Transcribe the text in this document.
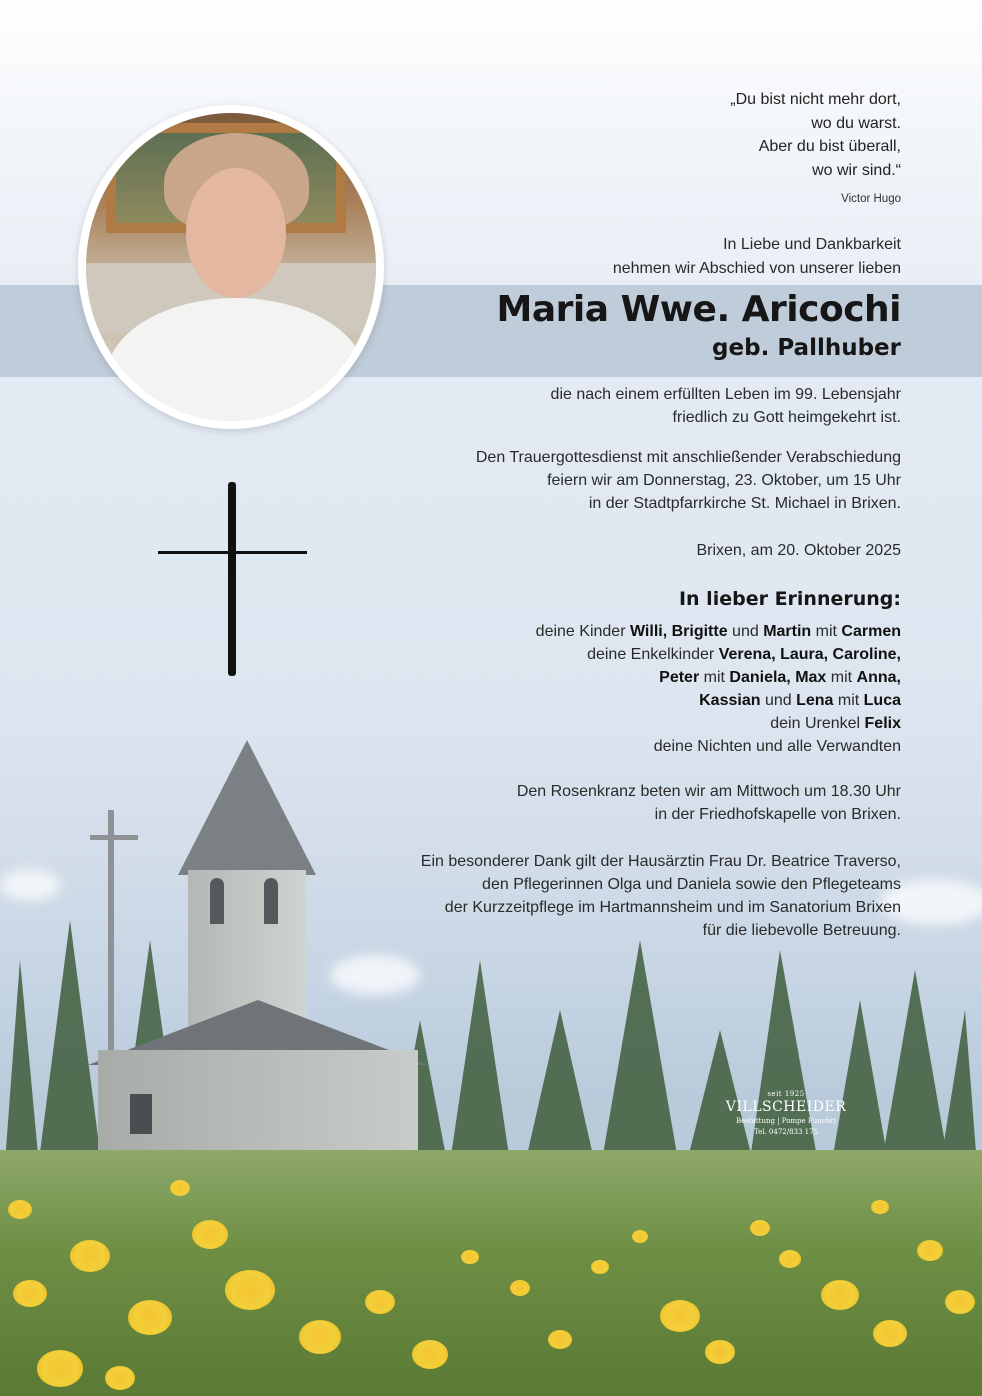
„Du bist nicht mehr dort,
wo du warst.
Aber du bist überall,
wo wir sind.“
Victor Hugo
In Liebe und Dankbarkeit
nehmen wir Abschied von unserer lieben
Maria Wwe. Aricochi
geb. Pallhuber
die nach einem erfüllten Leben im 99. Lebensjahr
friedlich zu Gott heimgekehrt ist.
Den Trauergottesdienst mit anschließender Verabschiedung
feiern wir am Donnerstag, 23. Oktober, um 15 Uhr
in der Stadtpfarrkirche St. Michael in Brixen.
Brixen, am 20. Oktober 2025
In lieber Erinnerung:
deine Kinder Willi, Brigitte und Martin mit Carmen
deine Enkelkinder Verena, Laura, Caroline,
Peter mit Daniela, Max mit Anna,
Kassian und Lena mit Luca
dein Urenkel Felix
deine Nichten und alle Verwandten
Den Rosenkranz beten wir am Mittwoch um 18.30 Uhr
in der Friedhofskapelle von Brixen.
Ein besonderer Dank gilt der Hausärztin Frau Dr. Beatrice Traverso,
den Pflegerinnen Olga und Daniela sowie den Pflegeteams
der Kurzzeitpflege im Hartmannsheim und im Sanatorium Brixen
für die liebevolle Betreuung.
seit 1925
VILLSCHEIDER
Bestattung | Pompe Funebri
Tel. 0472/833 175
